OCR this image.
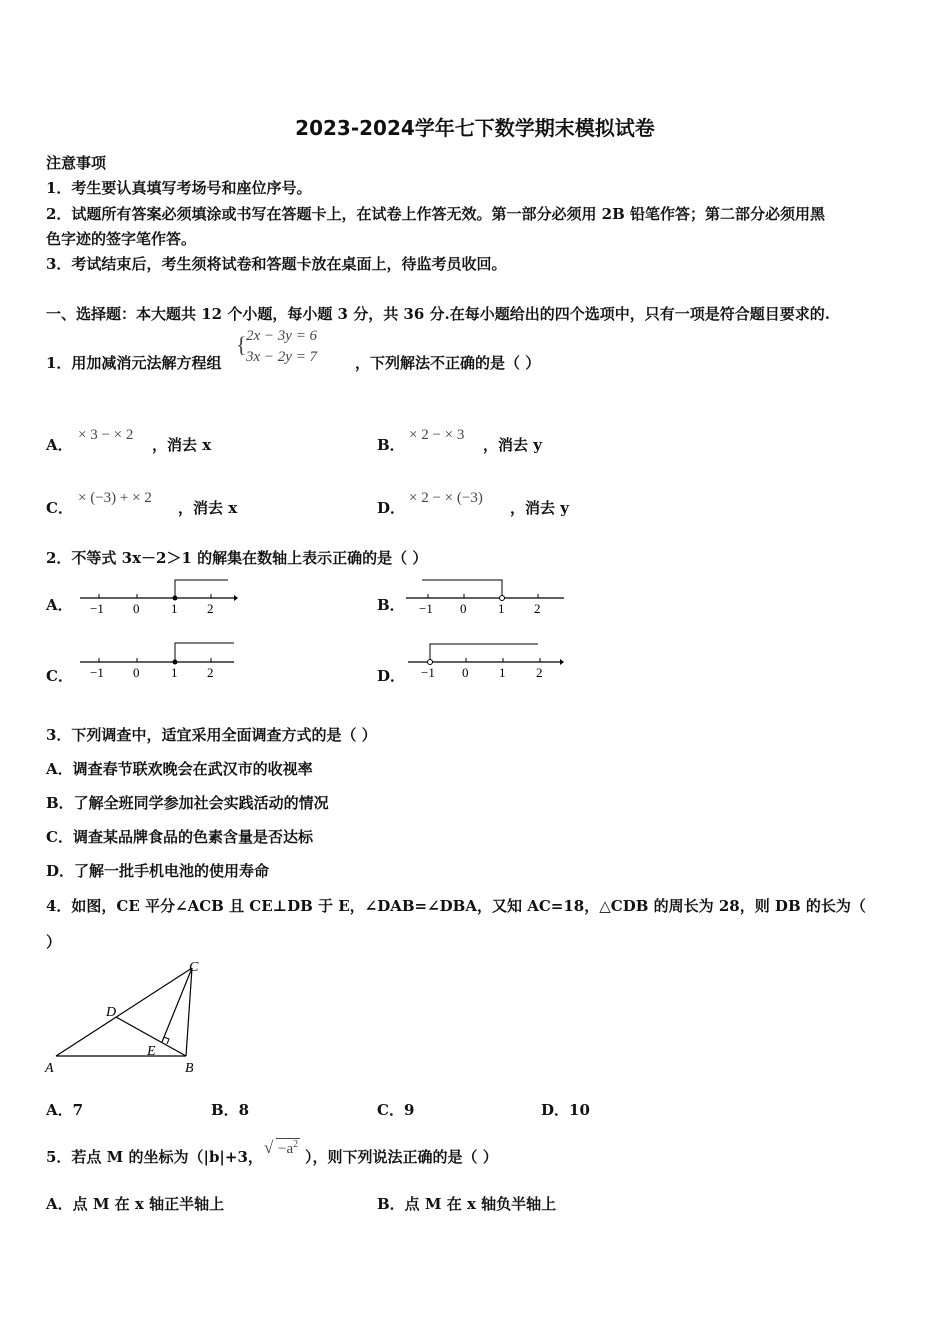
2023-2024学年七下数学期末模拟试卷
注意事项
1．考生要认真填写考场号和座位序号。
2．试题所有答案必须填涂或书写在答题卡上，在试卷上作答无效。第一部分必须用 2B 铅笔作答；第二部分必须用黑
色字迹的签字笔作答。
3．考试结束后，考生须将试卷和答题卡放在桌面上，待监考员收回。
一、选择题：本大题共 12 个小题，每小题 3 分，共 36 分.在每小题给出的四个选项中，只有一项是符合题目要求的.
1．用加减消元法解方程组
{ 2x − 3y = 6
3x − 2y = 7	，下列解法不正确的是（ ）
A．
× 3 − × 2
，消去 x	B．
× 2 − × 3
，消去 y
C．
× (−3) + × 2
，消去 x	D．
× 2 − × (−3)
，消去 y
2．不等式 3x－2＞1 的解集在数轴上表示正确的是（ ）
A． −1 0 1 2	B． −1 0 1 2
C． −1 0 1 2	D． −1 0 1 2
3．下列调查中，适宜采用全面调查方式的是（ ）
A．调查春节联欢晚会在武汉市的收视率
B．了解全班同学参加社会实践活动的情况
C．调查某品牌食品的色素含量是否达标
D．了解一批手机电池的使用寿命
4．如图，CE 平分∠ACB 且 CE⊥DB 于 E，∠DAB=∠DBA，又知 AC=18，△CDB 的周长为 28，则 DB 的长为（
）
C
D
E
A	B
A．7	B．8	C．9	D．10
5．若点 M 的坐标为（|b|+3， √ $-a^2$
），则下列说法正确的是（ ）
A．点 M 在 x 轴正半轴上	B．点 M 在 x 轴负半轴上
